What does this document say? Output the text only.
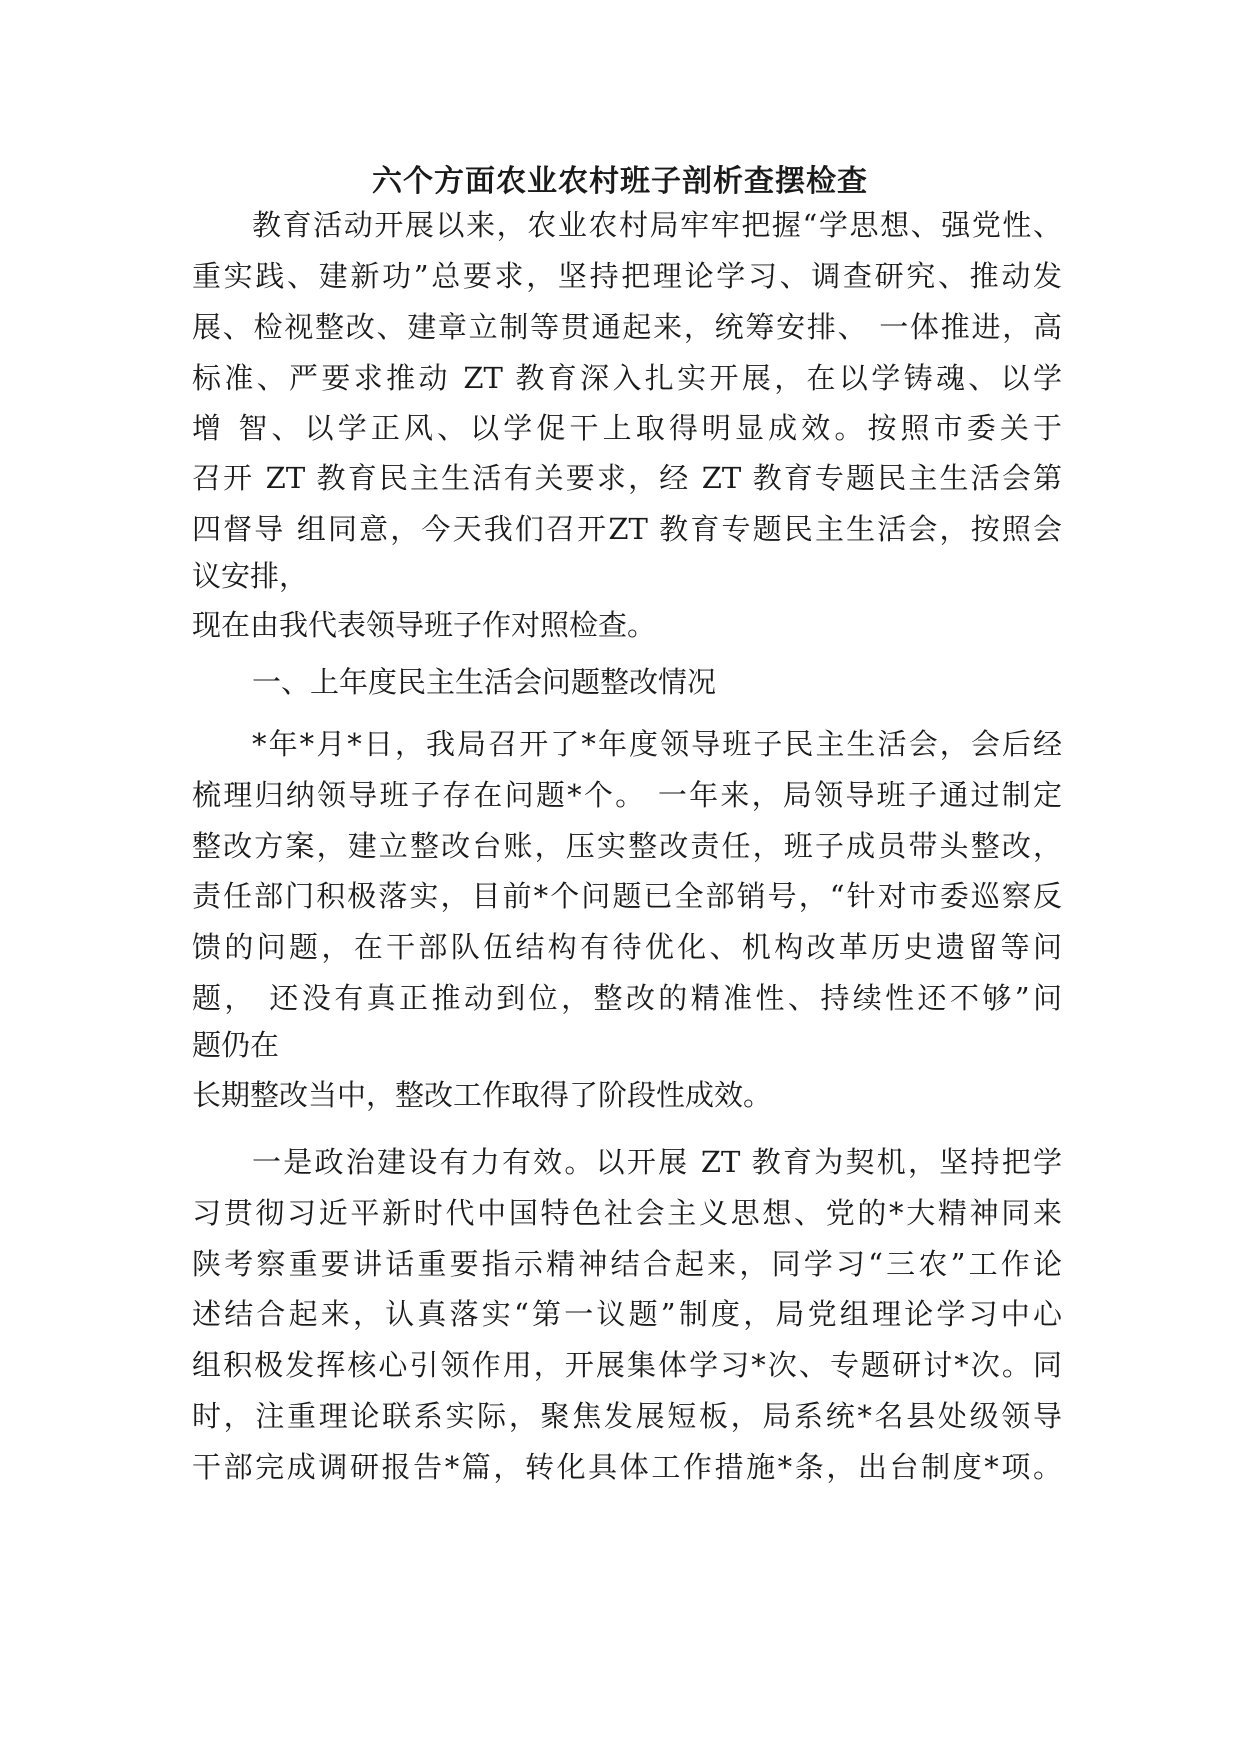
六个方面农业农村班子剖析查摆检查

教育活动开展以来，农业农村局牢牢把握“学思想、强党性、

重实践、建新功”总要求，坚持把理论学习、调查研究、推动发

展、检视整改、建章立制等贯通起来，统筹安排、 一体推进，高

标准、严要求推动 ZT 教育深入扎实开展，在以学铸魂、以学

增 智、以学正风、以学促干上取得明显成效。按照市委关于

召开 ZT 教育民主生活有关要求，经 ZT 教育专题民主生活会第

四督导 组同意，今天我们召开ZT 教育专题民主生活会，按照会

议安排，

现在由我代表领导班子作对照检查。

一、上年度民主生活会问题整改情况

*年*月*日，我局召开了*年度领导班子民主生活会，会后经

梳理归纳领导班子存在问题*个。 一年来，局领导班子通过制定

整改方案，建立整改台账，压实整改责任，班子成员带头整改，

责任部门积极落实，目前*个问题已全部销号，“针对市委巡察反

馈的问题，在干部队伍结构有待优化、机构改革历史遗留等问

题， 还没有真正推动到位，整改的精准性、持续性还不够”问

题仍在

长期整改当中，整改工作取得了阶段性成效。

一是政治建设有力有效。以开展 ZT 教育为契机，坚持把学

习贯彻习近平新时代中国特色社会主义思想、党的*大精神同来

陕考察重要讲话重要指示精神结合起来，同学习“三农”工作论

述结合起来，认真落实“第一议题”制度，局党组理论学习中心

组积极发挥核心引领作用，开展集体学习*次、专题研讨*次。同

时，注重理论联系实际，聚焦发展短板，局系统*名县处级领导

干部完成调研报告*篇，转化具体工作措施*条，出台制度*项。
